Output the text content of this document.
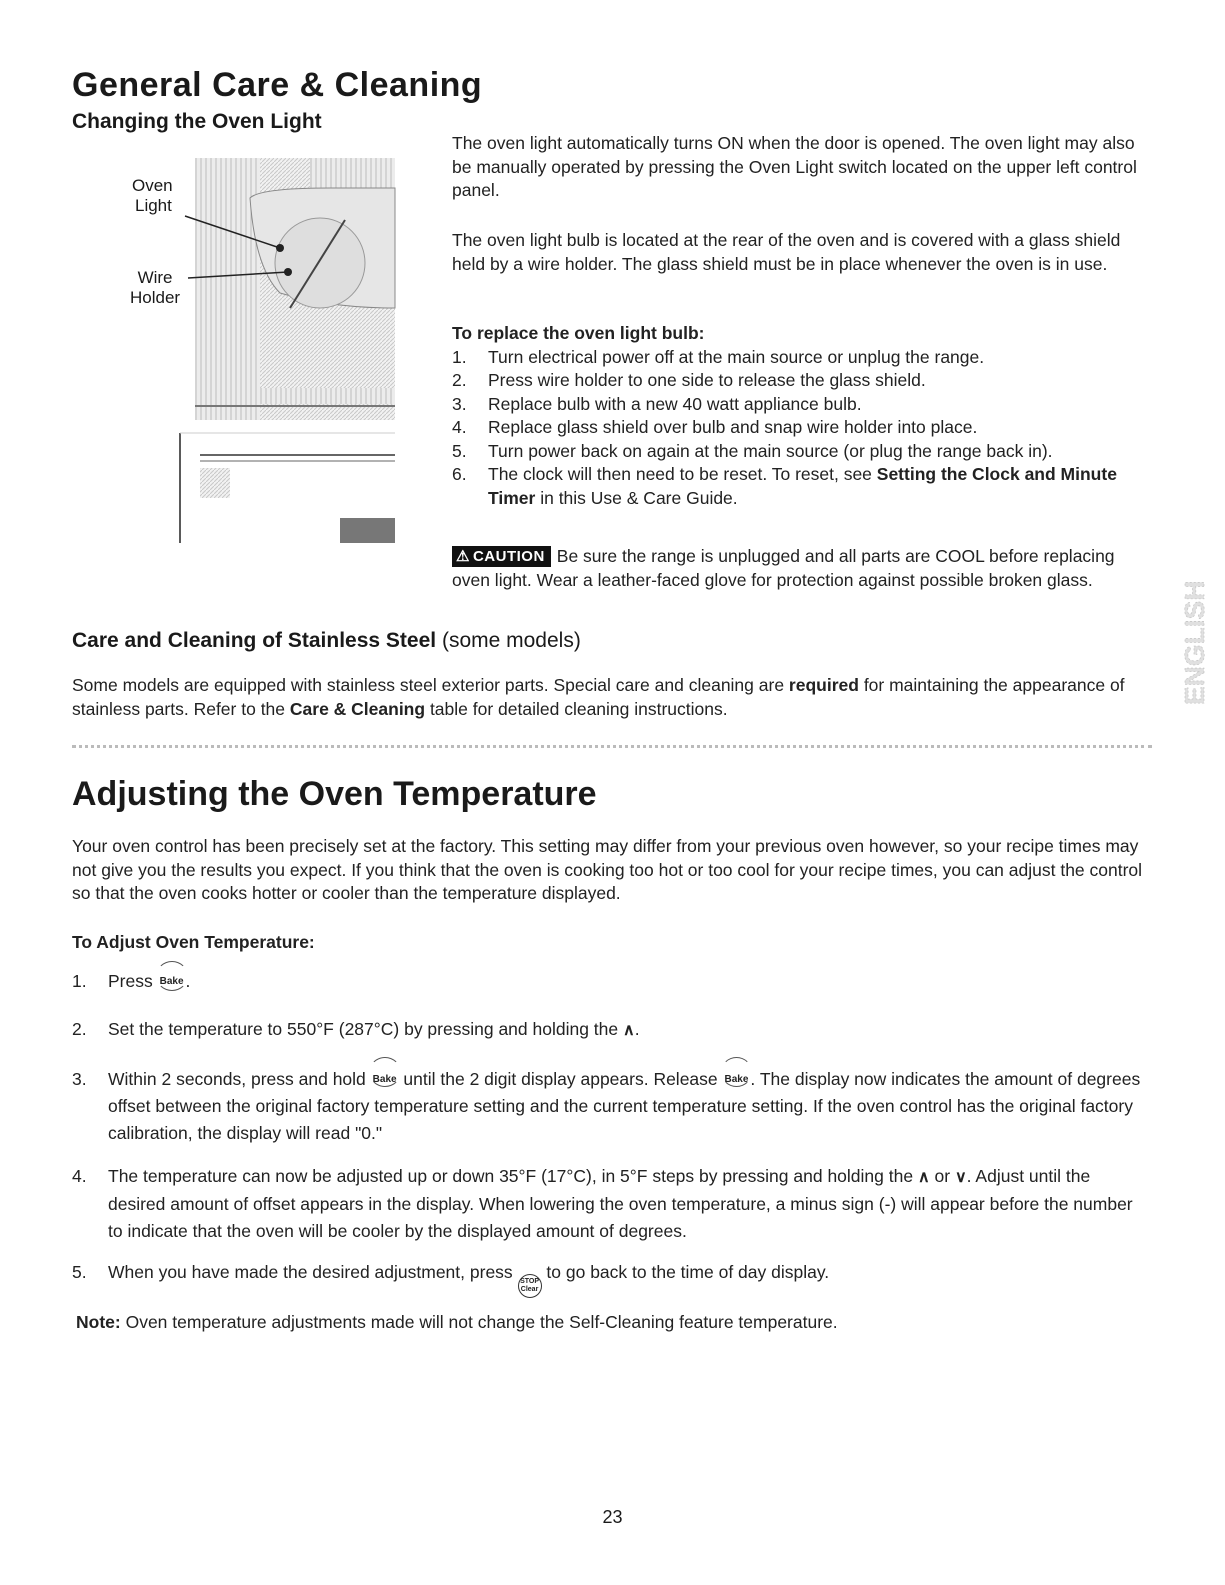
General Care & Cleaning
Changing the Oven Light
Oven
Light
Wire
Holder
The oven light automatically turns ON when the door is opened. The oven light may also be manually operated by pressing the Oven Light switch located on the upper left control panel.
The oven light bulb is located at the rear of the oven and is covered with a glass shield held by a wire holder. The glass shield must be in place whenever the oven is in use.
To replace the oven light bulb:
1. Turn electrical power off at the main source or unplug the range.
2. Press wire holder to one side to release the glass shield.
3. Replace bulb with a new 40 watt appliance bulb.
4. Replace glass shield over bulb and snap wire holder into place.
5. Turn power back on again at the main source (or plug the range back in).
6. The clock will then need to be reset. To reset, see Setting the Clock and Minute Timer in this Use & Care Guide.
⚠ CAUTION Be sure the range is unplugged and all parts are COOL before replacing oven light. Wear a leather-faced glove for protection against possible broken glass.
Care and Cleaning of Stainless Steel (some models)
Some models are equipped with stainless steel exterior parts. Special care and cleaning are required for maintaining the appearance of stainless parts. Refer to the Care & Cleaning table for detailed cleaning instructions.
Adjusting the Oven Temperature
Your oven control has been precisely set at the factory. This setting may differ from your previous oven however, so your recipe times may not give you the results you expect. If you think that the oven is cooking too hot or too cool for your recipe times, you can adjust the control so that the oven cooks hotter or cooler than the temperature displayed.
To Adjust Oven Temperature:
1. Press Bake .
2. Set the temperature to 550°F (287°C) by pressing and holding the ∧.
3. Within 2 seconds, press and hold Bake until the 2 digit display appears. Release Bake . The display now indicates the amount of degrees offset between the original factory temperature setting and the current temperature setting. If the oven control has the original factory calibration, the display will read "0."
4. The temperature can now be adjusted up or down 35°F (17°C), in 5°F steps by pressing and holding the ∧ or ∨. Adjust until the desired amount of offset appears in the display. When lowering the oven temperature, a minus sign (-) will appear before the number to indicate that the oven will be cooler by the displayed amount of degrees.
5. When you have made the desired adjustment, press STOP
Clear
to go back to the time of day display.
Note: Oven temperature adjustments made will not change the Self-Cleaning feature temperature.
ENGLISH
23
